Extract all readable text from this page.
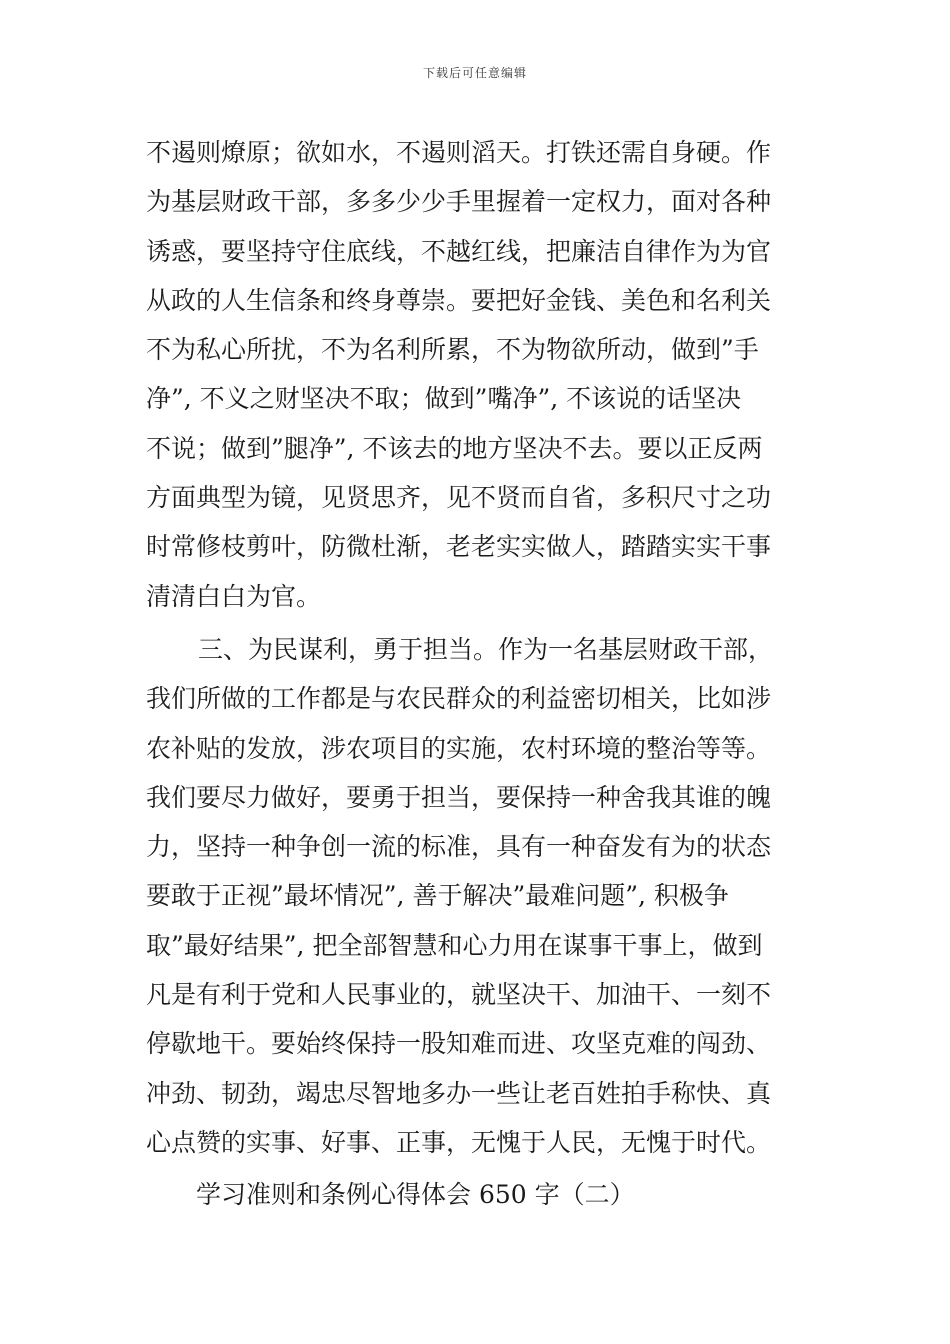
下载后可任意编辑
不遏则燎原；欲如水，不遏则滔天。打铁还需自身硬。作
为基层财政干部，多多少少手里握着一定权力，面对各种
诱惑，要坚持守住底线，不越红线，把廉洁自律作为为官
从政的人生信条和终身尊崇。要把好金钱、美色和名利关
不为私心所扰，不为名利所累，不为物欲所动，做到”手
净”, 不义之财坚决不取；做到”嘴净”, 不该说的话坚决
不说；做到”腿净”, 不该去的地方坚决不去。要以正反两
方面典型为镜，见贤思齐，见不贤而自省，多积尺寸之功
时常修枝剪叶，防微杜渐，老老实实做人，踏踏实实干事
清清白白为官。
三、为民谋利，勇于担当。作为一名基层财政干部，
我们所做的工作都是与农民群众的利益密切相关，比如涉
农补贴的发放，涉农项目的实施，农村环境的整治等等。
我们要尽力做好，要勇于担当，要保持一种舍我其谁的魄
力，坚持一种争创一流的标准，具有一种奋发有为的状态
要敢于正视”最坏情况”, 善于解决”最难问题”, 积极争
取”最好结果”, 把全部智慧和心力用在谋事干事上，做到
凡是有利于党和人民事业的，就坚决干、加油干、一刻不
停歇地干。要始终保持一股知难而进、攻坚克难的闯劲、
冲劲、韧劲，竭忠尽智地多办一些让老百姓拍手称快、真
心点赞的实事、好事、正事，无愧于人民，无愧于时代。
学习准则和条例心得体会 650 字（二）
